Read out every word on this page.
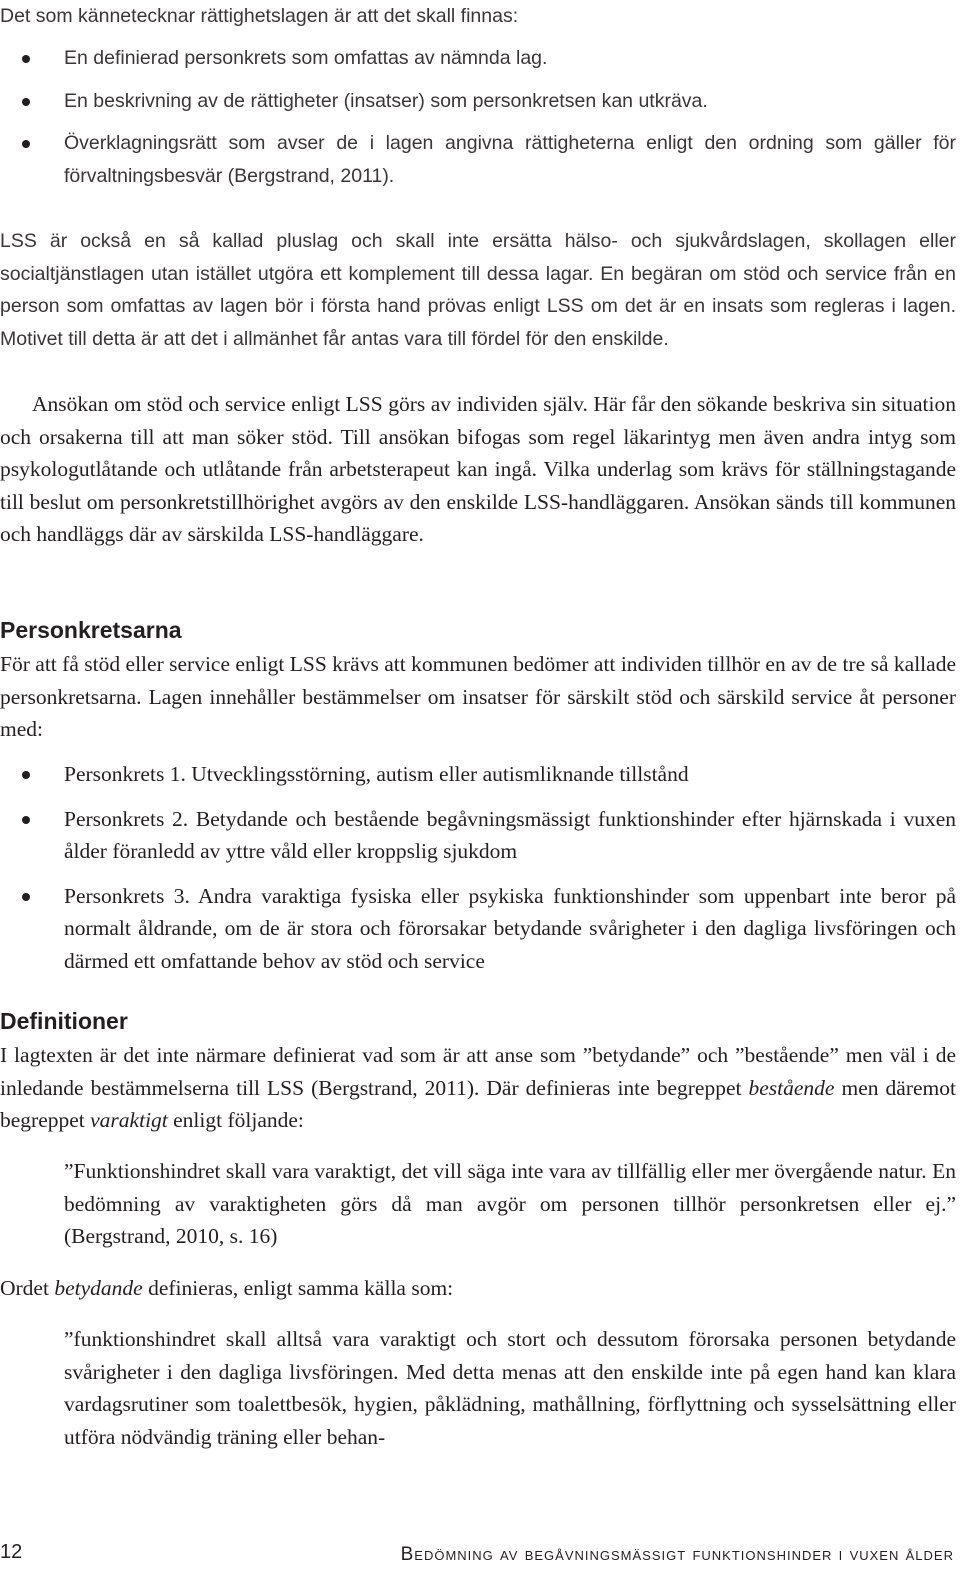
Det som kännetecknar rättighetslagen är att det skall finnas:

En definierad personkrets som omfattas av nämnda lag.
En beskrivning av de rättigheter (insatser) som personkretsen kan utkräva.
Överklagningsrätt som avser de i lagen angivna rättigheterna enligt den ordning som gäller för förvaltningsbesvär (Bergstrand, 2011).

LSS är också en så kallad pluslag och skall inte ersätta hälso- och sjukvårdslagen, skollagen eller socialtjänstlagen utan istället utgöra ett komplement till dessa lagar. En begäran om stöd och service från en person som omfattas av lagen bör i första hand prövas enligt LSS om det är en insats som regleras i lagen. Motivet till detta är att det i allmänhet får antas vara till fördel för den enskilde.

Ansökan om stöd och service enligt LSS görs av individen själv. Här får den sökande beskriva sin situation och orsakerna till att man söker stöd. Till ansökan bifogas som regel läkarintyg men även andra intyg som psykologutlåtande och utlåtande från arbetsterapeut kan ingå. Vilka underlag som krävs för ställningstagande till beslut om personkretstillhörighet avgörs av den enskilde LSS-handläggaren. Ansökan sänds till kommunen och handläggs där av särskilda LSS-handläggare.

Personkretsarna

För att få stöd eller service enligt LSS krävs att kommunen bedömer att individen tillhör en av de tre så kallade personkretsarna. Lagen innehåller bestämmelser om insatser för särskilt stöd och särskild service åt personer med:

Personkrets 1. Utvecklingsstörning, autism eller autismliknande tillstånd
Personkrets 2. Betydande och bestående begåvningsmässigt funktionshinder efter hjärnskada i vuxen ålder föranledd av yttre våld eller kroppslig sjukdom
Personkrets 3. Andra varaktiga fysiska eller psykiska funktionshinder som uppenbart inte beror på normalt åldrande, om de är stora och förorsakar betydande svårigheter i den dagliga livsföringen och därmed ett omfattande behov av stöd och service
Definitioner

I lagtexten är det inte närmare definierat vad som är att anse som ”betydande” och ”bestående” men väl i de inledande bestämmelserna till LSS (Bergstrand, 2011). Där definieras inte begreppet bestående men däremot begreppet varaktigt enligt följande:

”Funktionshindret skall vara varaktigt, det vill säga inte vara av tillfällig eller mer övergående natur. En bedömning av varaktigheten görs då man avgör om personen tillhör personkretsen eller ej.” (Bergstrand, 2010, s. 16)

Ordet betydande definieras, enligt samma källa som:

”funktionshindret skall alltså vara varaktigt och stort och dessutom förorsaka personen betydande svårigheter i den dagliga livsföringen. Med detta menas att den enskilde inte på egen hand kan klara vardagsrutiner som toalettbesök, hygien, påklädning, mathållning, förflyttning och sysselsättning eller utföra nödvändig träning eller behan-

12	Bedömning av begåvningsmässigt funktionshinder i vuxen ålder
